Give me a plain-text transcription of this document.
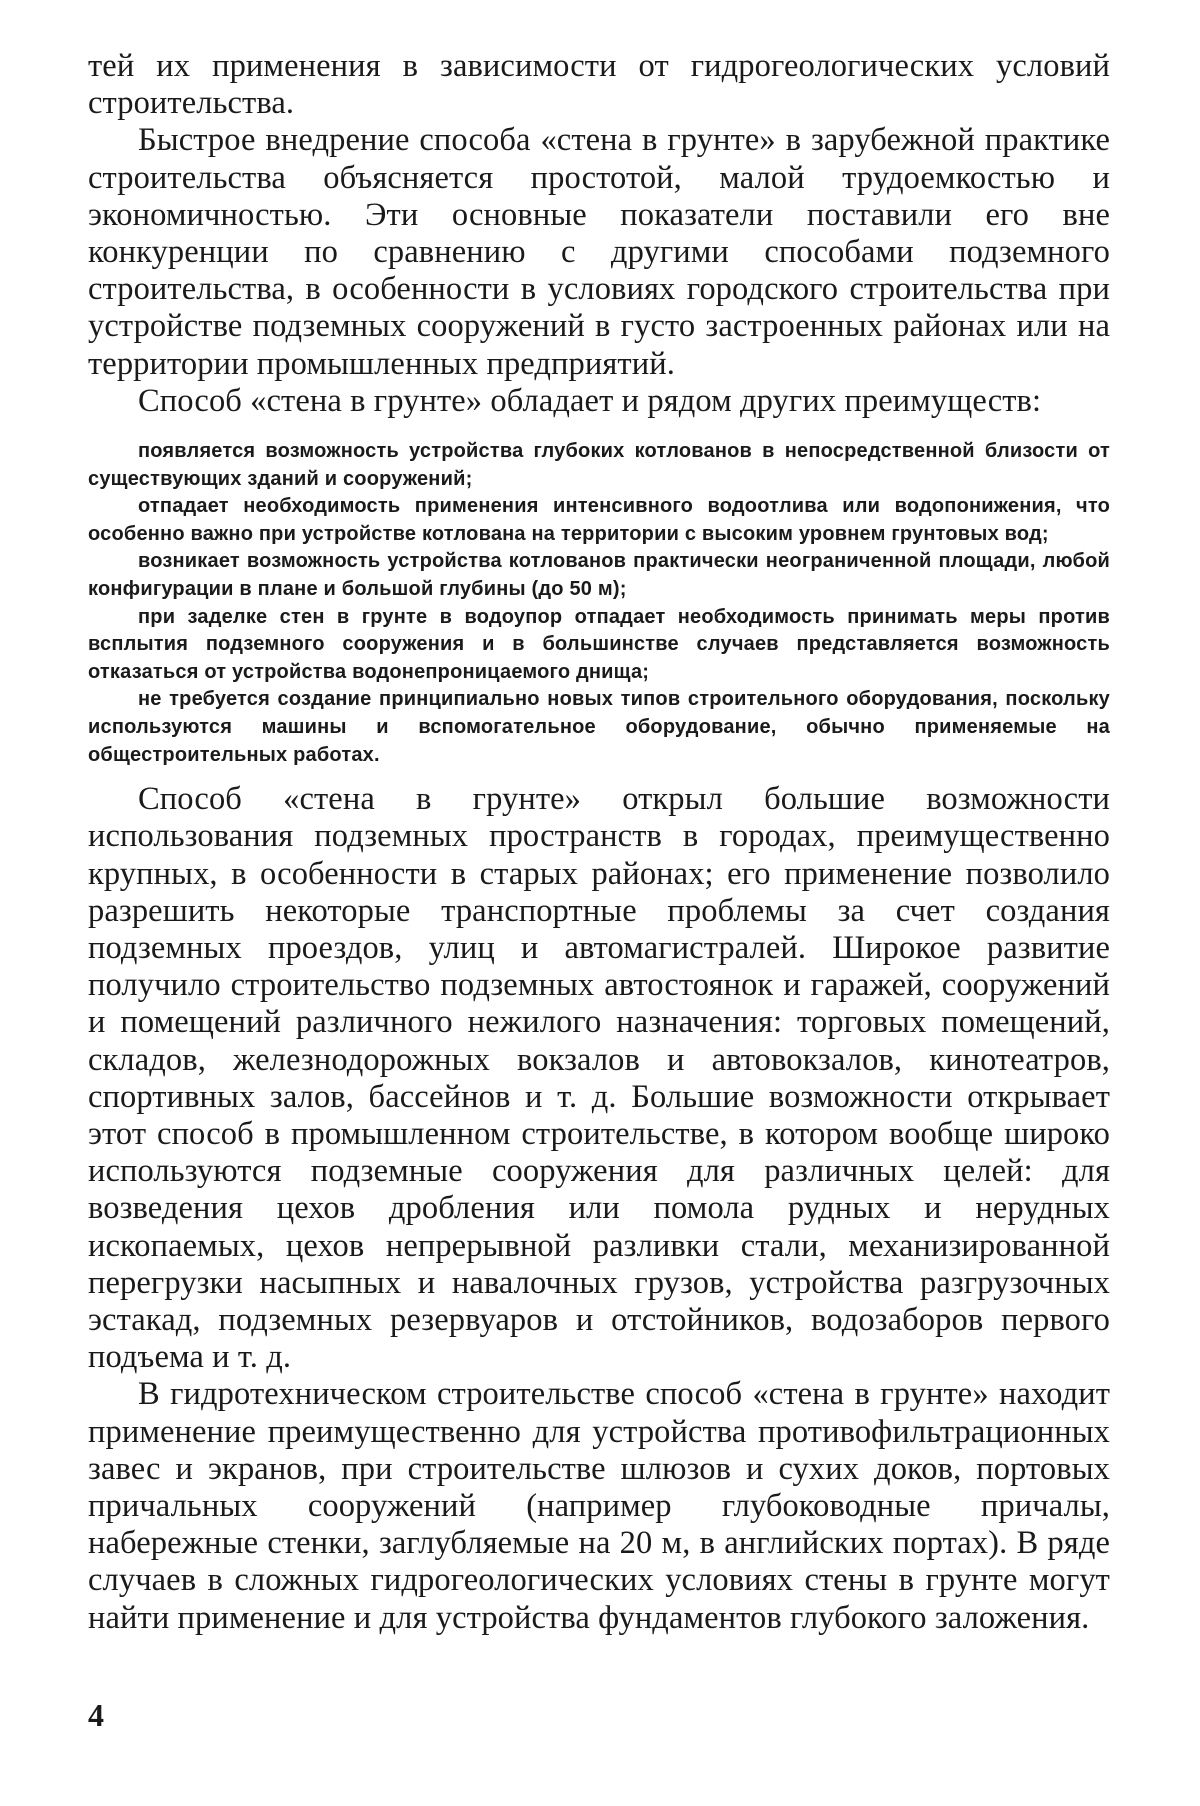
тей их применения в зависимости от гидрогеологических условий строительства.

Быстрое внедрение способа «стена в грунте» в зарубежной практике строительства объясняется простотой, малой трудоемкостью и экономичностью. Эти основные показатели поставили его вне конкуренции по сравнению с другими способами подземного строительства, в особенности в условиях городского строительства при устройстве подземных сооружений в густо застроенных районах или на территории промышленных предприятий.

Способ «стена в грунте» обладает и рядом других преимуществ:

появляется возможность устройства глубоких котлованов в непосредственной близости от существующих зданий и сооружений;

отпадает необходимость применения интенсивного водоотлива или водопонижения, что особенно важно при устройстве котлована на территории с высоким уровнем грунтовых вод;

возникает возможность устройства котлованов практически неограниченной площади, любой конфигурации в плане и большой глубины (до 50 м);

при заделке стен в грунте в водоупор отпадает необходимость принимать меры против всплытия подземного сооружения и в большинстве случаев представляется возможность отказаться от устройства водонепроницаемого днища;

не требуется создание принципиально новых типов строительного оборудования, поскольку используются машины и вспомогательное оборудование, обычно применяемые на общестроительных работах.

Способ «стена в грунте» открыл большие возможности использования подземных пространств в городах, преимущественно крупных, в особенности в старых районах; его применение позволило разрешить некоторые транспортные проблемы за счет создания подземных проездов, улиц и автомагистралей. Широкое развитие получило строительство подземных автостоянок и гаражей, сооружений и помещений различного нежилого назначения: торговых помещений, складов, железнодорожных вокзалов и автовокзалов, кинотеатров, спортивных залов, бассейнов и т. д. Большие возможности открывает этот способ в промышленном строительстве, в котором вообще широко используются подземные сооружения для различных целей: для возведения цехов дробления или помола рудных и нерудных ископаемых, цехов непрерывной разливки стали, механизированной перегрузки насыпных и навалочных грузов, устройства разгрузочных эстакад, подземных резервуаров и отстойников, водозаборов первого подъема и т. д.

В гидротехническом строительстве способ «стена в грунте» находит применение преимущественно для устройства противофильтрационных завес и экранов, при строительстве шлюзов и сухих доков, портовых причальных сооружений (например глубоководные причалы, набережные стенки, заглубляемые на 20 м, в английских портах). В ряде случаев в сложных гидрогеологических условиях стены в грунте могут найти применение и для устройства фундаментов глубокого заложения.

4
